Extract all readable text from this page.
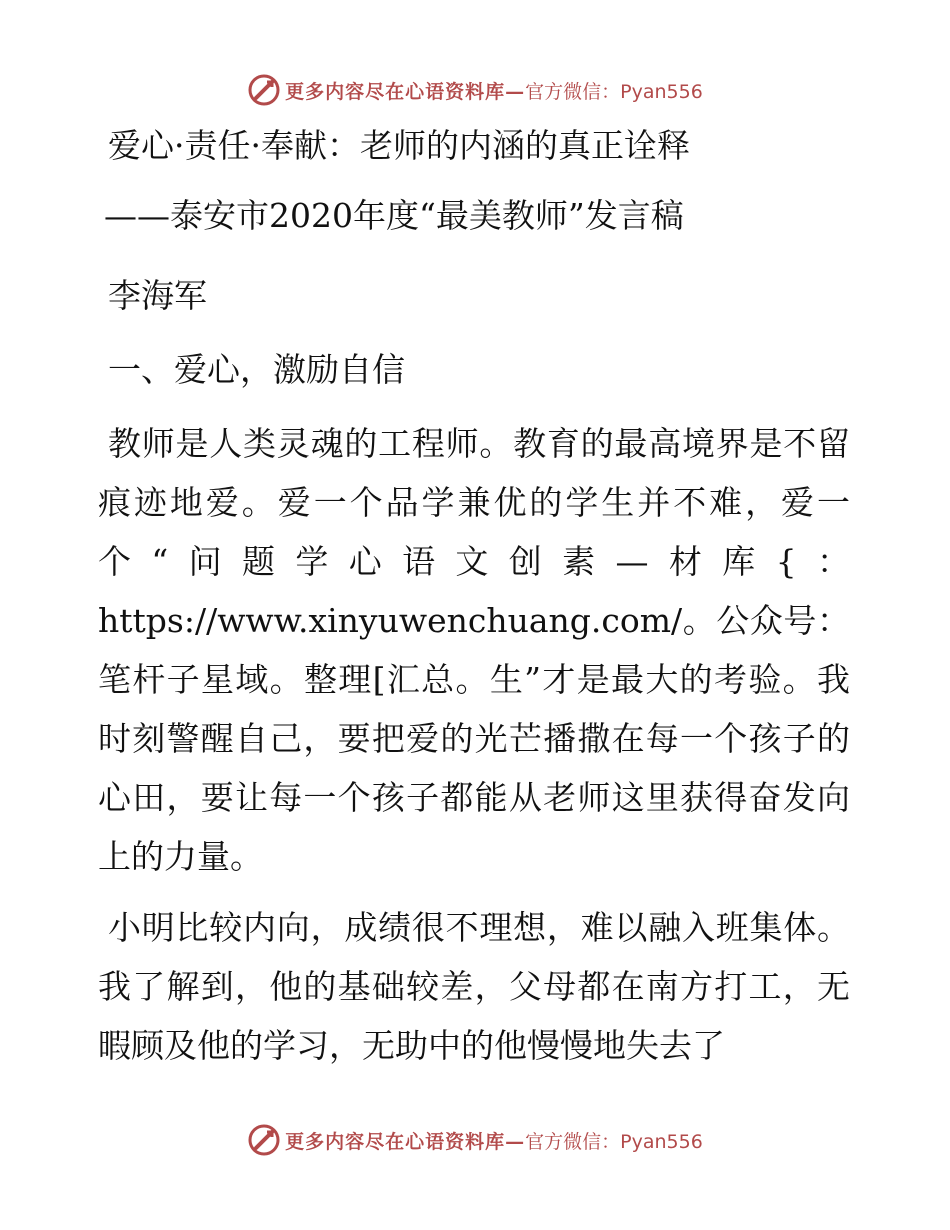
更多内容尽在心语资料库— 官方微信：Pyan556
爱心·责任·奉献：老师的内涵的真正诠释
——泰安市2020年度“最美教师”发言稿
李海军
一、爱心，激励自信
教师是人类灵魂的工程师。教育的最高境界是不留痕迹地爱。爱一个品学兼优的学生并不难，爱一个“问题学心语文创素—材库{：https://www.xinyuwenchuang.com/。公众号：笔杆子星域。整理[汇总。生”才是最大的考验。我时刻警醒自己，要把爱的光芒播撒在每一个孩子的心田，要让每一个孩子都能从老师这里获得奋发向上的力量。
小明比较内向，成绩很不理想，难以融入班集体。我了解到，他的基础较差，父母都在南方打工，无暇顾及他的学习，无助中的他慢慢地失去了
更多内容尽在心语资料库— 官方微信：Pyan556
